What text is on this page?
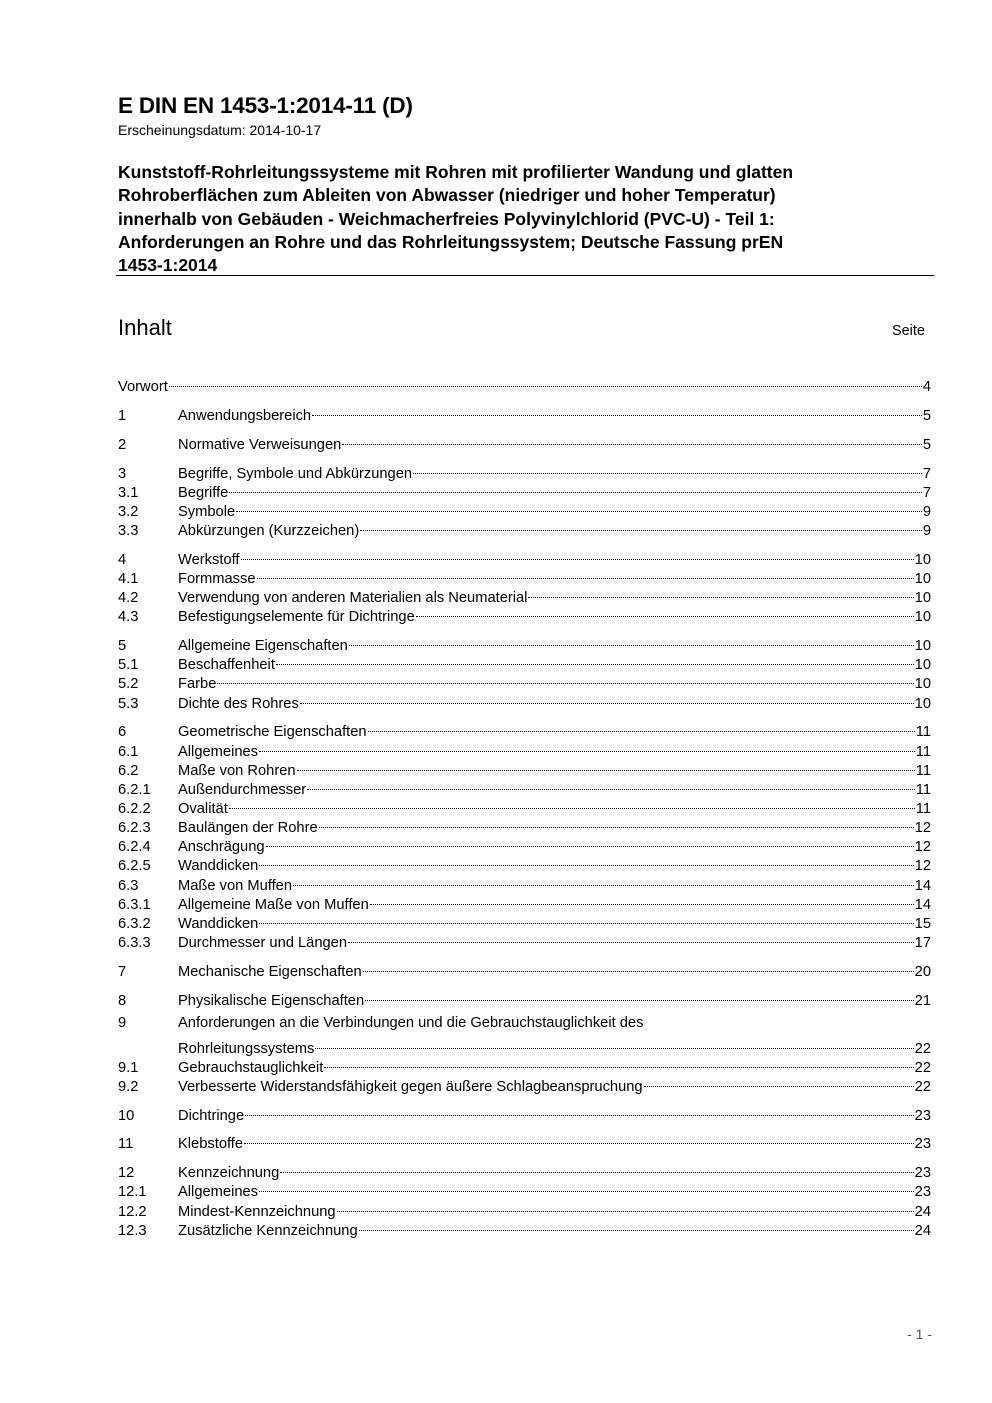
E DIN EN 1453-1:2014-11 (D)
Erscheinungsdatum: 2014-10-17
Kunststoff-Rohrleitungssysteme mit Rohren mit profilierter Wandung und glatten
Rohroberflächen zum Ableiten von Abwasser (niedriger und hoher Temperatur)
innerhalb von Gebäuden - Weichmacherfreies Polyvinylchlorid (PVC-U) - Teil 1:
Anforderungen an Rohre und das Rohrleitungssystem; Deutsche Fassung prEN
1453-1:2014
Inhalt	Seite
Vorwort	4
1	Anwendungsbereich	5
2	Normative Verweisungen	5
3	Begriffe, Symbole und Abkürzungen	7
3.1	Begriffe	7
3.2	Symbole	9
3.3	Abkürzungen (Kurzzeichen)	9
4	Werkstoff	10
4.1	Formmasse	10
4.2	Verwendung von anderen Materialien als Neumaterial	10
4.3	Befestigungselemente für Dichtringe	10
5	Allgemeine Eigenschaften	10
5.1	Beschaffenheit	10
5.2	Farbe	10
5.3	Dichte des Rohres	10
6	Geometrische Eigenschaften	11
6.1	Allgemeines	11
6.2	Maße von Rohren	11
6.2.1	Außendurchmesser	11
6.2.2	Ovalität	11
6.2.3	Baulängen der Rohre	12
6.2.4	Anschrägung	12
6.2.5	Wanddicken	12
6.3	Maße von Muffen	14
6.3.1	Allgemeine Maße von Muffen	14
6.3.2	Wanddicken	15
6.3.3	Durchmesser und Längen	17
7	Mechanische Eigenschaften	20
8	Physikalische Eigenschaften	21
9	Anforderungen an die Verbindungen und die Gebrauchstauglichkeit des
Rohrleitungssystems	22
9.1	Gebrauchstauglichkeit	22
9.2	Verbesserte Widerstandsfähigkeit gegen äußere Schlagbeanspruchung	22
10	Dichtringe	23
11	Klebstoffe	23
12	Kennzeichnung	23
12.1	Allgemeines	23
12.2	Mindest-Kennzeichnung	24
12.3	Zusätzliche Kennzeichnung	24
- 1 -
